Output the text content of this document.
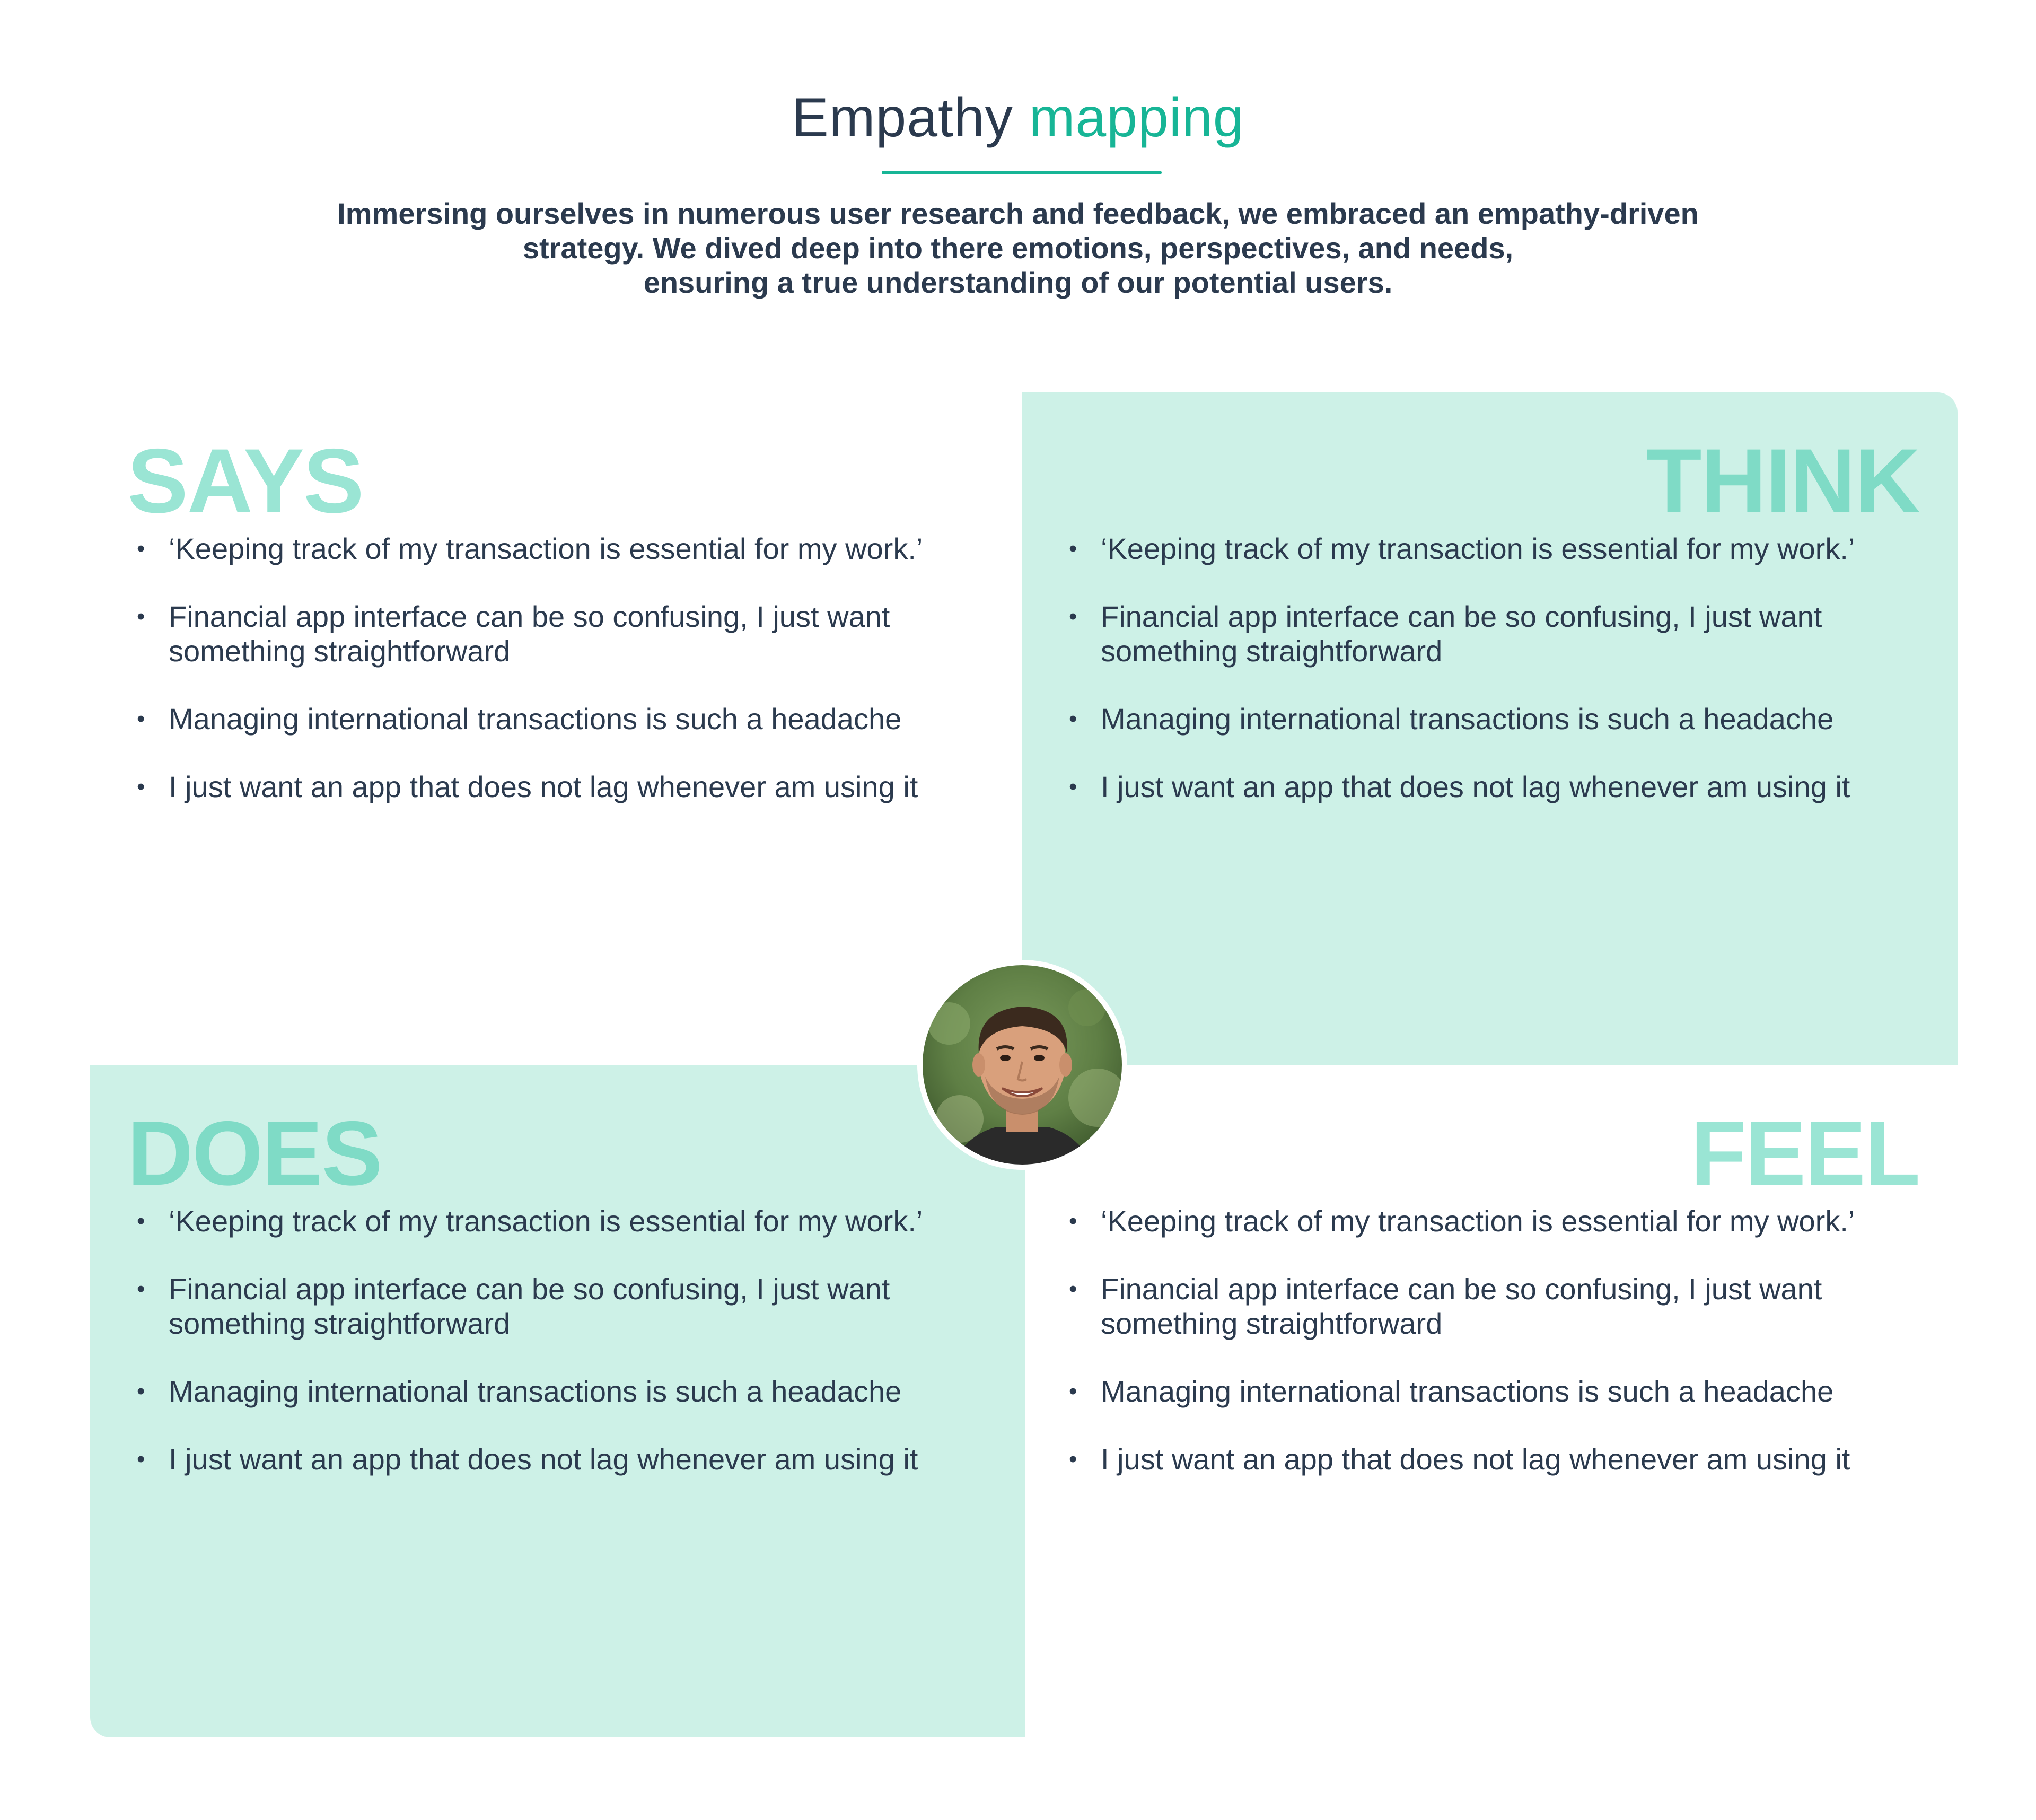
Empathy mapping
Immersing ourselves in numerous user research and feedback, we embraced an empathy-driven
strategy. We dived deep into there emotions, perspectives, and needs,
ensuring a true understanding of our potential users.
SAYS
• ‘Keeping track of my transaction is essential for my work.’
• Financial app interface can be so confusing, I just want something straightforward
• Managing international transactions is such a headache
• I just want an app that does not lag whenever am using it
THINK
• ‘Keeping track of my transaction is essential for my work.’
• Financial app interface can be so confusing, I just want something straightforward
• Managing international transactions is such a headache
• I just want an app that does not lag whenever am using it
DOES
• ‘Keeping track of my transaction is essential for my work.’
• Financial app interface can be so confusing, I just want something straightforward
• Managing international transactions is such a headache
• I just want an app that does not lag whenever am using it
FEEL
• ‘Keeping track of my transaction is essential for my work.’
• Financial app interface can be so confusing, I just want something straightforward
• Managing international transactions is such a headache
• I just want an app that does not lag whenever am using it
